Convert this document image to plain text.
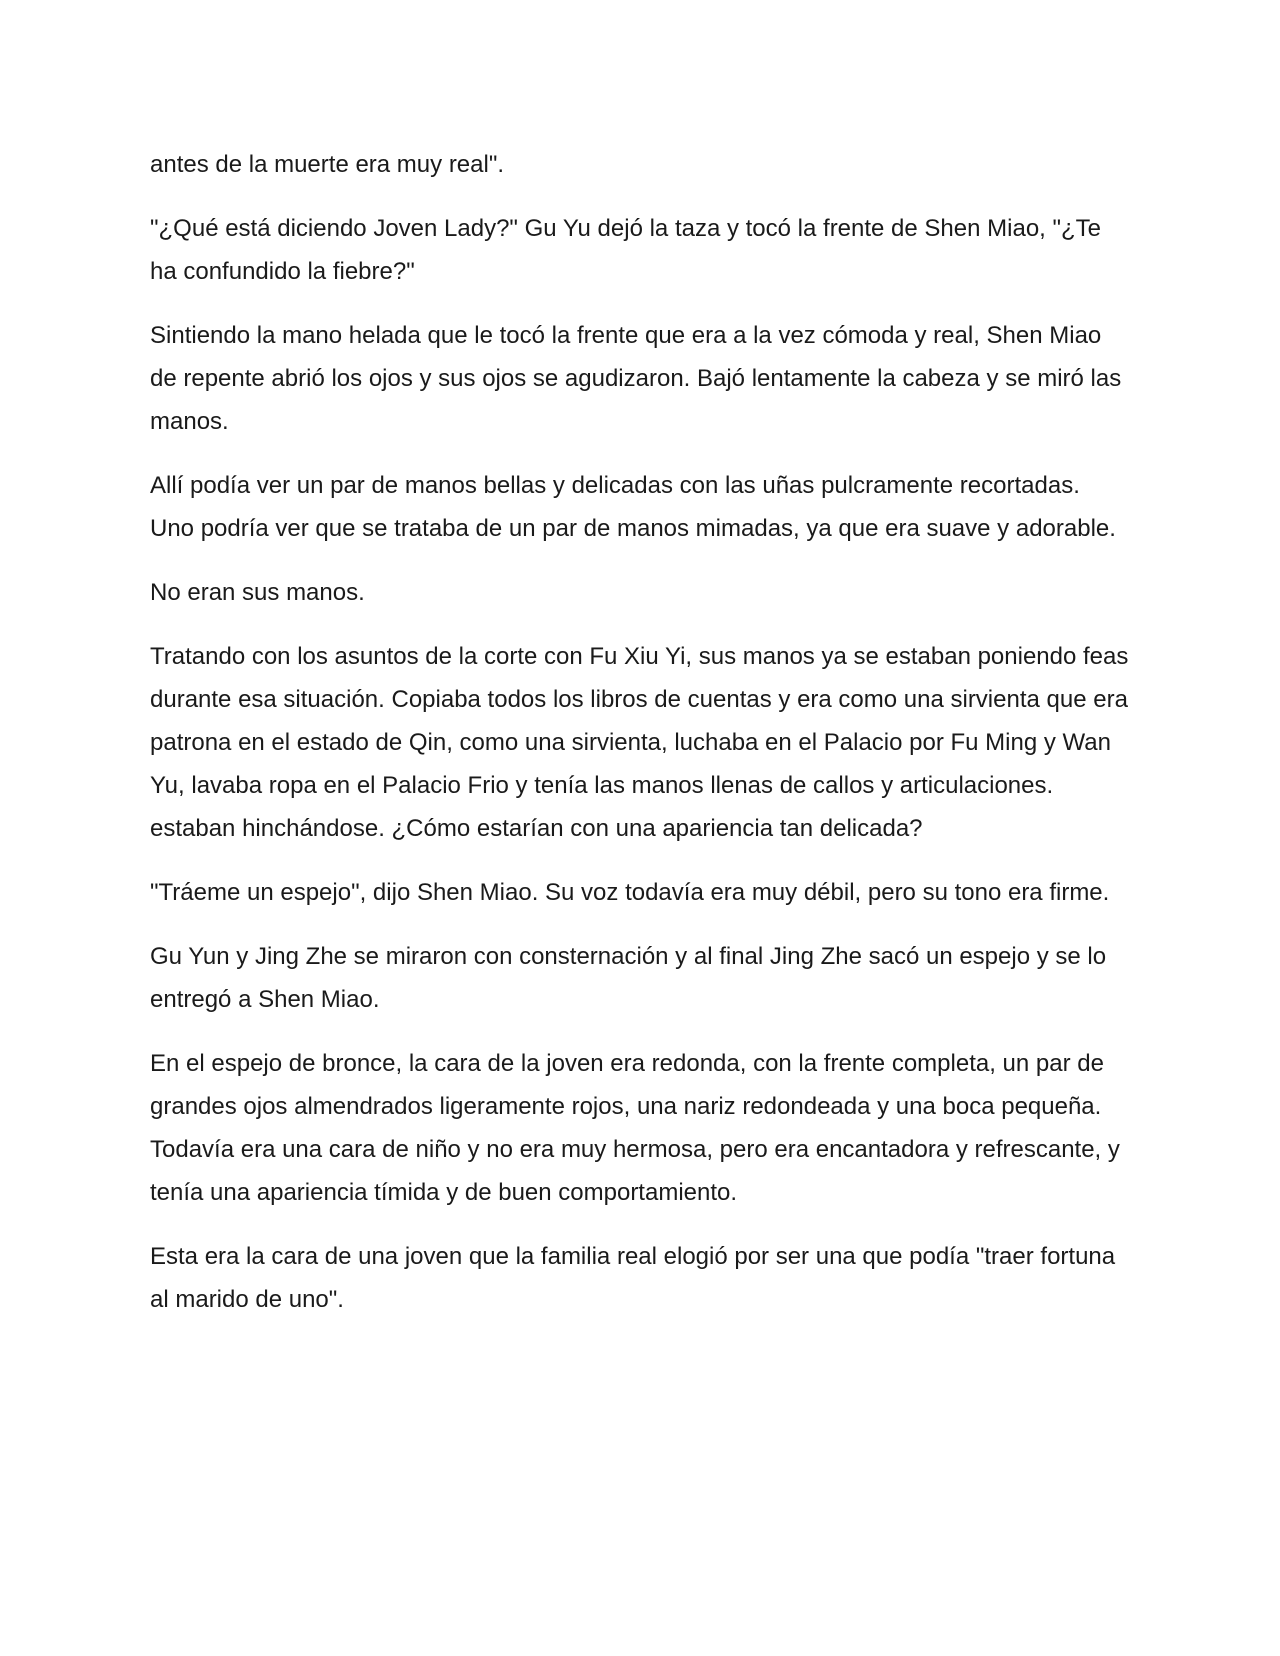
antes de la muerte era muy real".

"¿Qué está diciendo Joven Lady?" Gu Yu dejó la taza y tocó la frente de Shen Miao, "¿Te ha confundido la fiebre?"

Sintiendo la mano helada que le tocó la frente que era a la vez cómoda y real, Shen Miao de repente abrió los ojos y sus ojos se agudizaron. Bajó lentamente la cabeza y se miró las manos.

Allí podía ver un par de manos bellas y delicadas con las uñas pulcramente recortadas. Uno podría ver que se trataba de un par de manos mimadas, ya que era suave y adorable.

No eran sus manos.

Tratando con los asuntos de la corte con Fu Xiu Yi, sus manos ya se estaban poniendo feas durante esa situación. Copiaba todos los libros de cuentas y era como una sirvienta que era patrona en el estado de Qin, como una sirvienta, luchaba en el Palacio por Fu Ming y Wan Yu, lavaba ropa en el Palacio Frio y tenía las manos llenas de callos y articulaciones. estaban hinchándose. ¿Cómo estarían con una apariencia tan delicada?

"Tráeme un espejo", dijo Shen Miao. Su voz todavía era muy débil, pero su tono era firme.

Gu Yun y Jing Zhe se miraron con consternación y al final Jing Zhe sacó un espejo y se lo entregó a Shen Miao.

En el espejo de bronce, la cara de la joven era redonda, con la frente completa, un par de grandes ojos almendrados ligeramente rojos, una nariz redondeada y una boca pequeña. Todavía era una cara de niño y no era muy hermosa, pero era encantadora y refrescante, y tenía una apariencia tímida y de buen comportamiento.

Esta era la cara de una joven que la familia real elogió por ser una que podía "traer fortuna al marido de uno".
